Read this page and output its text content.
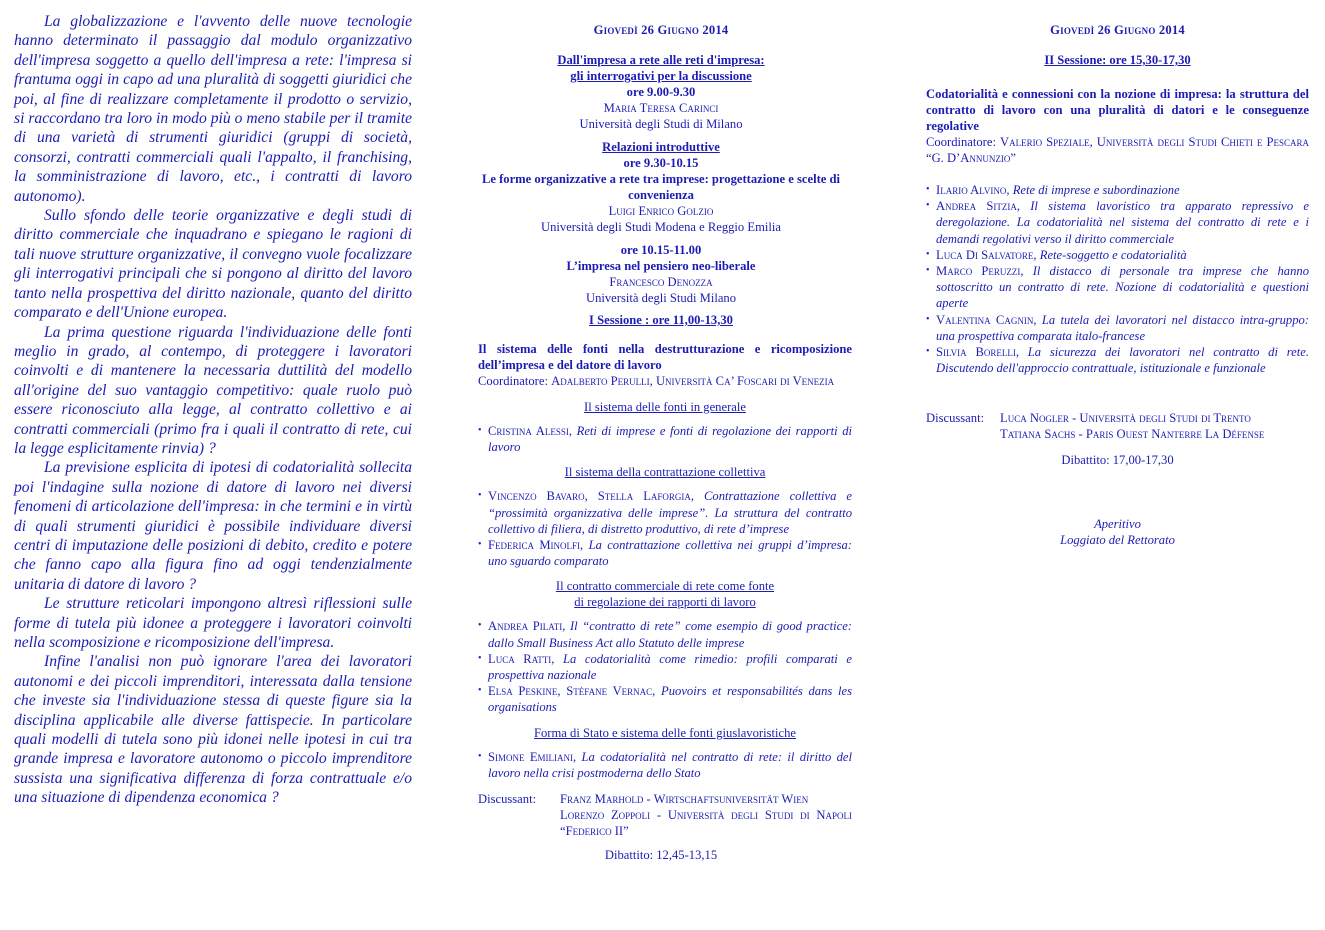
La globalizzazione e l'avvento delle nuove tecnologie hanno determinato il passaggio dal modulo organizzativo dell'impresa soggetto a quello dell'impresa a rete: l'impresa si frantuma oggi in capo ad una pluralità di soggetti giuridici che poi, al fine di realizzare completamente il prodotto o servizio, si raccordano tra loro in modo più o meno stabile per il tramite di una varietà di strumenti giuridici (gruppi di società, consorzi, contratti commerciali quali l'appalto, il franchising, la somministrazione di lavoro, etc., i contratti di lavoro autonomo).

Sullo sfondo delle teorie organizzative e degli studi di diritto commerciale che inquadrano e spiegano le ragioni di tali nuove strutture organizzative, il convegno vuole focalizzare gli interrogativi principali che si pongono al diritto del lavoro tanto nella prospettiva del diritto nazionale, quanto del diritto comparato e dell'Unione europea.

La prima questione riguarda l'individuazione delle fonti meglio in grado, al contempo, di proteggere i lavoratori coinvolti e di mantenere la necessaria duttilità del modello all'origine del suo vantaggio competitivo: quale ruolo può essere riconosciuto alla legge, al contratto collettivo e ai contratti commerciali (primo fra i quali il contratto di rete, cui la legge esplicitamente rinvia) ?

La previsione esplicita di ipotesi di codatorialità sollecita poi l'indagine sulla nozione di datore di lavoro nei diversi fenomeni di articolazione dell'impresa: in che termini e in virtù di quali strumenti giuridici è possibile individuare diversi centri di imputazione delle posizioni di debito, credito e potere che fanno capo alla figura fino ad oggi tendenzialmente unitaria di datore di lavoro ?

Le strutture reticolari impongono altresì riflessioni sulle forme di tutela più idonee a proteggere i lavoratori coinvolti nella scomposizione e ricomposizione dell'impresa.

Infine l'analisi non può ignorare l'area dei lavoratori autonomi e dei piccoli imprenditori, interessata dalla tensione che investe sia l'individuazione stessa di queste figure sia la disciplina applicabile alle diverse fattispecie. In particolare quali modelli di tutela sono più idonei nelle ipotesi in cui tra grande impresa e lavoratore autonomo o piccolo imprenditore sussista una significativa differenza di forza contrattuale e/o una situazione di dipendenza economica ?

Giovedì 26 Giugno 2014
Dall'impresa a rete alle reti d'impresa:
gli interrogativi per la discussione
ore 9.00-9.30
Maria Teresa Carinci
Università degli Studi di Milano
Relazioni introduttive
ore 9.30-10.15
Le forme organizzative a rete tra imprese: progettazione e scelte di convenienza
Luigi Enrico Golzio
Università degli Studi Modena e Reggio Emilia
ore 10.15-11.00
L’impresa nel pensiero neo-liberale
Francesco Denozza
Università degli Studi Milano
I Sessione : ore 11,00-13,30
Il sistema delle fonti nella destrutturazione e ricomposizione dell’impresa e del datore di lavoro
Coordinatore: Adalberto Perulli, Università Ca’ Foscari di Venezia
Il sistema delle fonti in generale
• Cristina Alessi, Reti di imprese e fonti di regolazione dei rapporti di lavoro
Il sistema della contrattazione collettiva
• Vincenzo Bavaro, Stella Laforgia, Contrattazione collettiva e “prossimità organizzativa delle imprese”. La struttura del contratto collettivo di filiera, di distretto produttivo, di rete d’imprese
• Federica Minolfi, La contrattazione collettiva nei gruppi d’impresa: uno sguardo comparato
Il contratto commerciale di rete come fonte
di regolazione dei rapporti di lavoro
• Andrea Pilati, Il “contratto di rete” come esempio di good practice: dallo Small Business Act allo Statuto delle imprese
• Luca Ratti, La codatorialità come rimedio: profili comparati e prospettiva nazionale
• Elsa Peskine, Stèfane Vernac, Puovoirs et responsabilités dans les organisations
Forma di Stato e sistema delle fonti giuslavoristiche
• Simone Emiliani, La codatorialità nel contratto di rete: il diritto del lavoro nella crisi postmoderna dello Stato
Discussant: Franz Marhold - Wirtschaftsuniversität Wien
Lorenzo Zoppoli - Università degli Studi di Napoli “Federico II”
Dibattito: 12,45-13,15
Giovedì 26 Giugno 2014
II Sessione: ore 15,30-17,30
Codatorialità e connessioni con la nozione di impresa: la struttura del contratto di lavoro con una pluralità di datori e le conseguenze regolative
Coordinatore: Valerio Speziale, Università degli Studi Chieti e Pescara “G. D’Annunzio”
• Ilario Alvino, Rete di imprese e subordinazione
• Andrea Sitzia, Il sistema lavoristico tra apparato repressivo e deregolazione. La codatorialità nel sistema del contratto di rete e i demandi regolativi verso il diritto commerciale
• Luca Di Salvatore, Rete-soggetto e codatorialità
• Marco Peruzzi, Il distacco di personale tra imprese che hanno sottoscritto un contratto di rete. Nozione di codatorialità e questioni aperte
• Valentina Cagnin, La tutela dei lavoratori nel distacco intra-gruppo: una prospettiva comparata italo-francese
• Silvia Borelli, La sicurezza dei lavoratori nel contratto di rete. Discutendo dell'approccio contrattuale, istituzionale e funzionale
Discussant: Luca Nogler - Università degli Studi di Trento
Tatiana Sachs - Paris Ouest Nanterre La Défense
Dibattito: 17,00-17,30
Aperitivo
Loggiato del Rettorato
